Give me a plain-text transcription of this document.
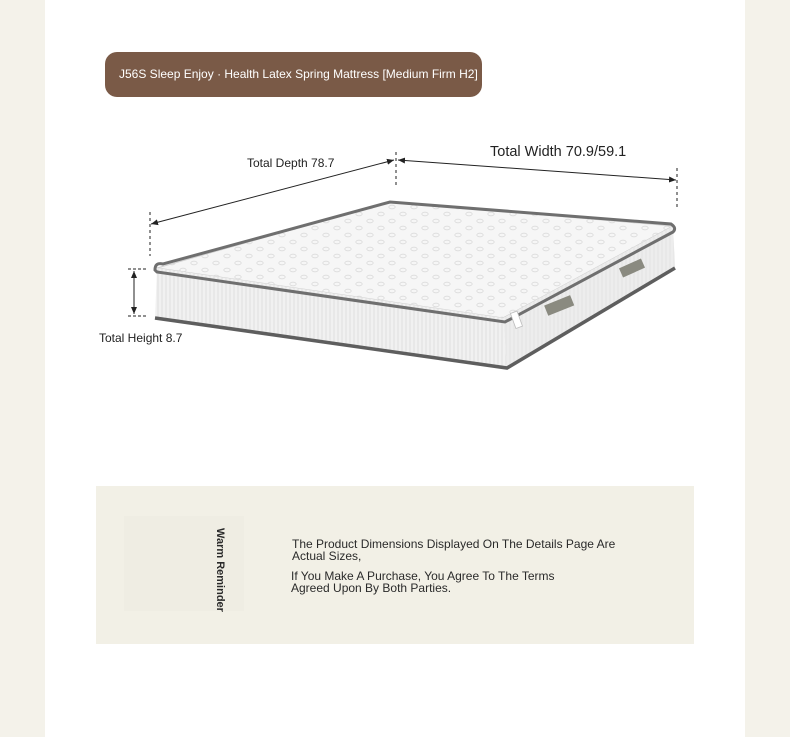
J56S Sleep Enjoy · Health Latex Spring Mattress [Medium Firm H2]
Total Depth 78.7
Total Width 70.9/59.1
Total Height 8.7
Warm Reminder	The Product Dimensions Displayed On The Details Page Are Actual Sizes,
If You Make A Purchase, You Agree To The Terms Agreed Upon By Both Parties.
